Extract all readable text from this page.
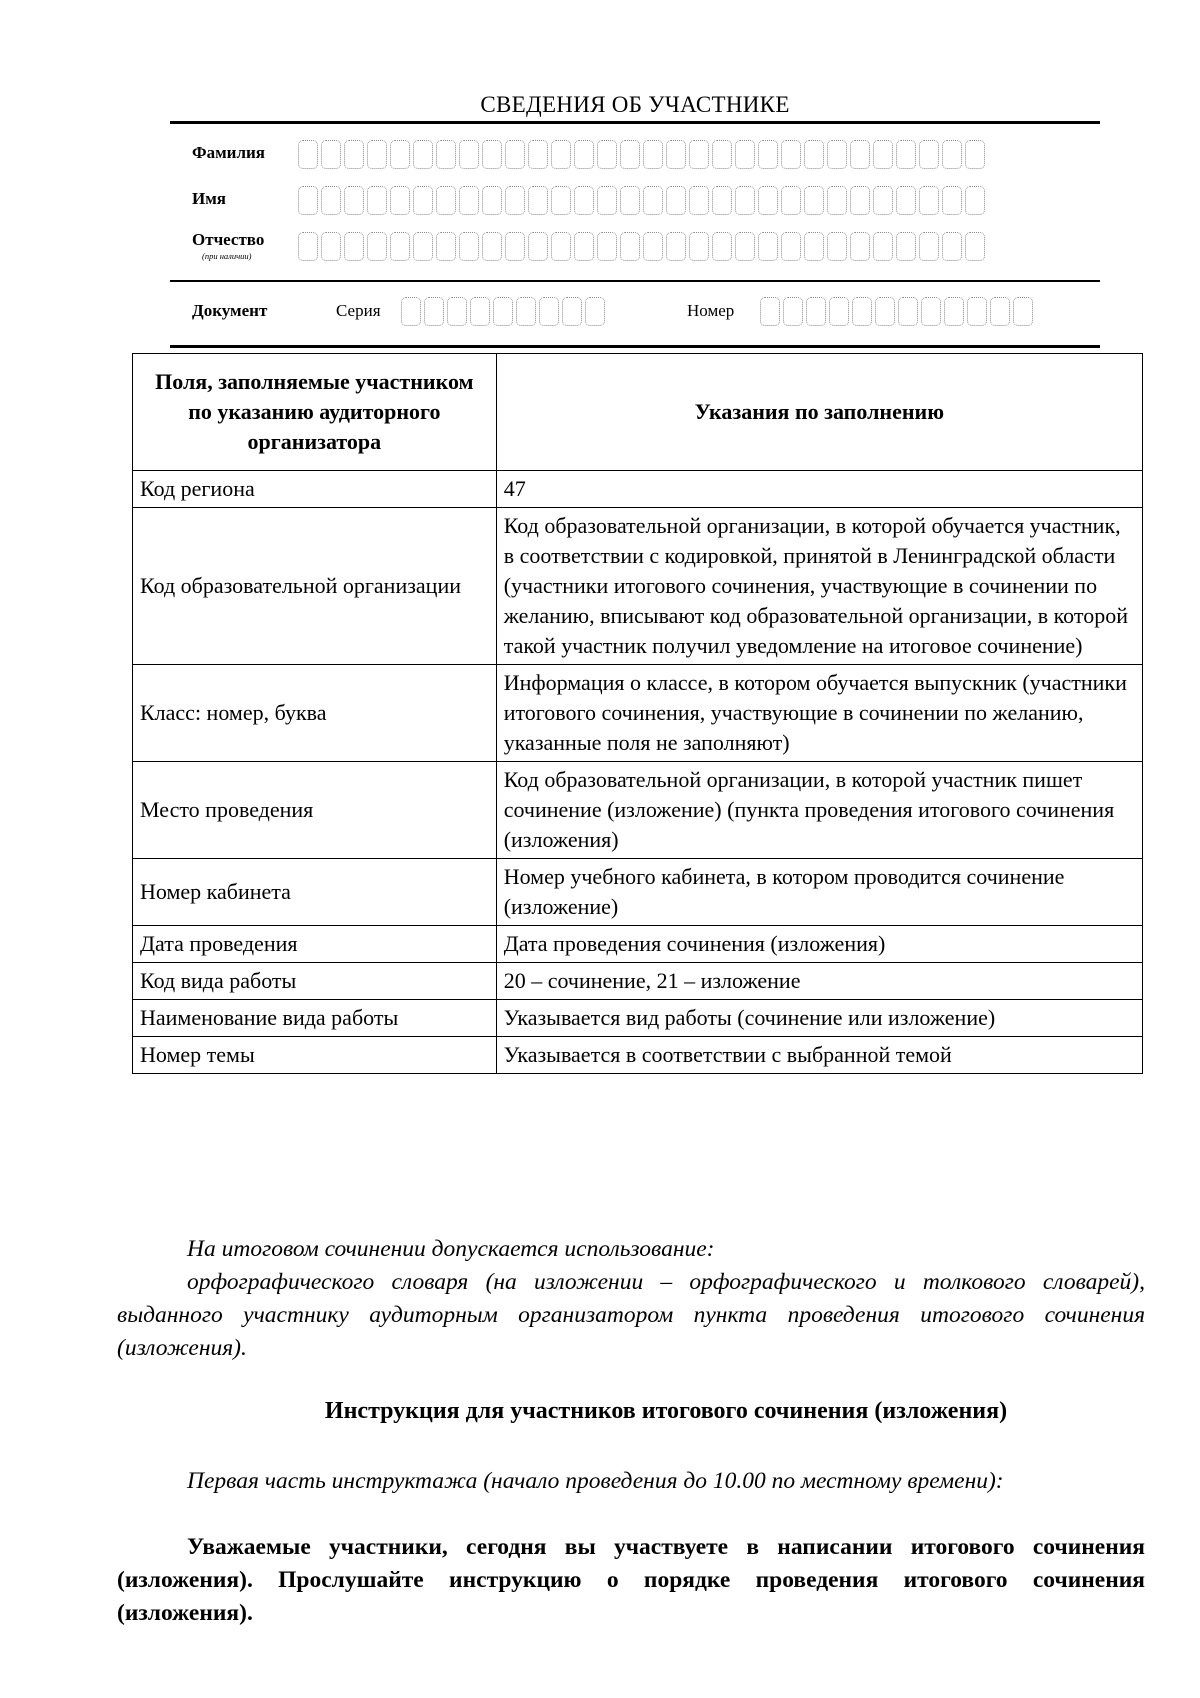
СВЕДЕНИЯ ОБ УЧАСТНИКЕ
Фамилия
Имя
Отчество
(при наличии)
Документ	Серия	Номер
Поля, заполняемые участником по указанию аудиторного организатора	Указания по заполнению
Код региона	47
Код образовательной организации	Код образовательной организации, в которой обучается участник, в соответствии с кодировкой, принятой в Ленинградской области (участники итогового сочинения, участвующие в сочинении по желанию, вписывают код образовательной организации, в которой такой участник получил уведомление на итоговое сочинение)
Класс: номер, буква	Информация о классе, в котором обучается выпускник (участники итогового сочинения, участвующие в сочинении по желанию, указанные поля не заполняют)
Место проведения	Код образовательной организации, в которой участник пишет сочинение (изложение) (пункта проведения итогового сочинения (изложения)
Номер кабинета	Номер учебного кабинета, в котором проводится сочинение (изложение)
Дата проведения	Дата проведения сочинения (изложения)
Код вида работы	20 – сочинение, 21 – изложение
Наименование вида работы	Указывается вид работы (сочинение или изложение)
Номер темы	Указывается в соответствии с выбранной темой
На итоговом сочинении допускается использование:
орфографического словаря (на изложении – орфографического и толкового словарей), выданного участнику аудиторным организатором пункта проведения итогового сочинения (изложения).
Инструкция для участников итогового сочинения (изложения)
Первая часть инструктажа (начало проведения до 10.00 по местному времени):
Уважаемые участники, сегодня вы участвуете в написании итогового сочинения (изложения). Прослушайте инструкцию о порядке проведения итогового сочинения (изложения).
